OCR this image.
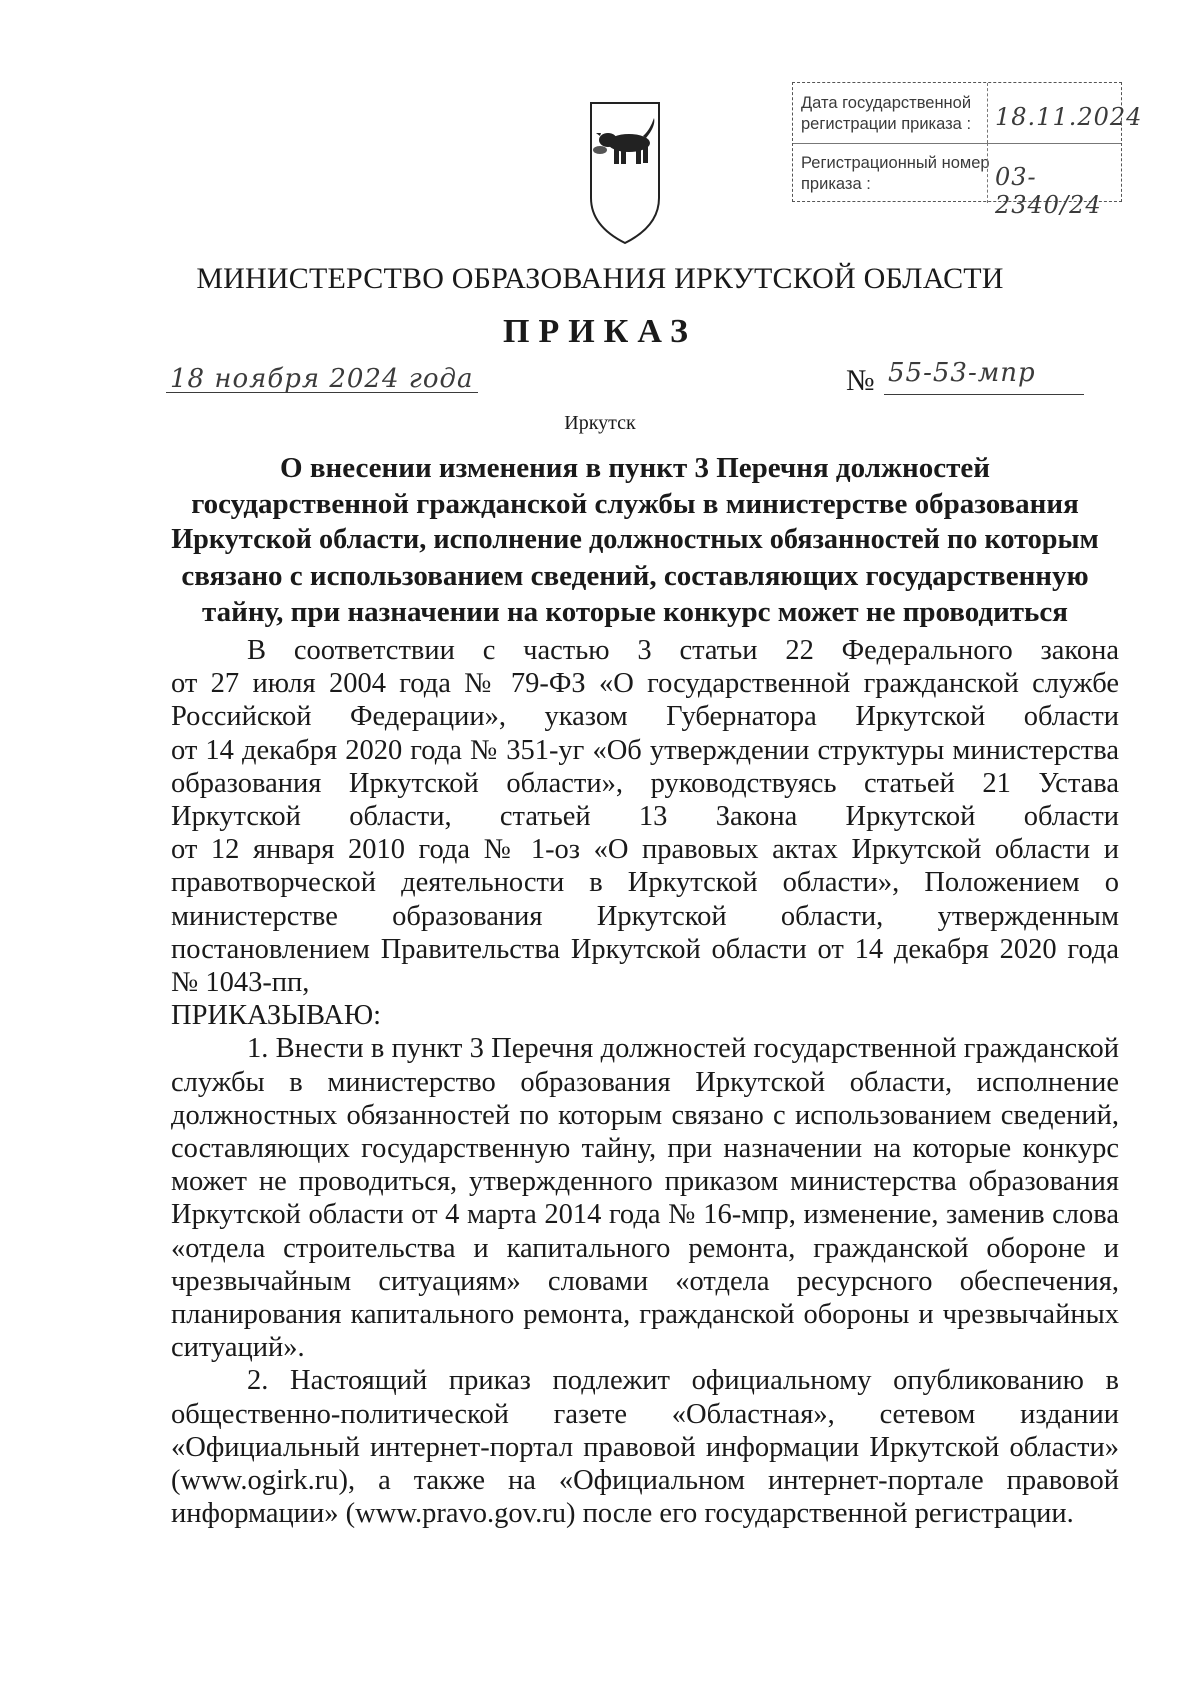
Дата государственной регистрации приказа : 18.11.2024
Регистрационный номер приказа :	03-2340/24
МИНИСТЕРСТВО ОБРАЗОВАНИЯ ИРКУТСКОЙ ОБЛАСТИ
ПРИКАЗ
18 ноября 2024 года	№ 55-53-мпр
Иркутск
О внесении изменения в пункт 3 Перечня должностей
государственной гражданской службы в министерстве образования
Иркутской области, исполнение должностных обязанностей по которым
связано с использованием сведений, составляющих государственную
тайну, при назначении на которые конкурс может не проводиться
В соответствии с частью 3 статьи 22 Федерального закона
от 27 июля 2004 года № 79-ФЗ «О государственной гражданской службе
Российской Федерации», указом Губернатора Иркутской области
от 14 декабря 2020 года № 351-уг «Об утверждении структуры министерства
образования Иркутской области», руководствуясь статьей 21 Устава
Иркутской области, статьей 13 Закона Иркутской области
от 12 января 2010 года № 1-оз «О правовых актах Иркутской области и
правотворческой деятельности в Иркутской области», Положением о
министерстве образования Иркутской области, утвержденным
постановлением Правительства Иркутской области от 14 декабря 2020 года
№ 1043-пп,
ПРИКАЗЫВАЮ:
1. Внести в пункт 3 Перечня должностей государственной гражданской
службы в министерство образования Иркутской области, исполнение
должностных обязанностей по которым связано с использованием сведений,
составляющих государственную тайну, при назначении на которые конкурс
может не проводиться, утвержденного приказом министерства образования
Иркутской области от 4 марта 2014 года № 16-мпр, изменение, заменив слова
«отдела строительства и капитального ремонта, гражданской обороне и
чрезвычайным ситуациям» словами «отдела ресурсного обеспечения,
планирования капитального ремонта, гражданской обороны и чрезвычайных
ситуаций».
2. Настоящий приказ подлежит официальному опубликованию в
общественно-политической газете «Областная», сетевом издании
«Официальный интернет-портал правовой информации Иркутской области»
(www.ogirk.ru), а также на «Официальном интернет-портале правовой
информации» (www.pravo.gov.ru) после его государственной регистрации.
